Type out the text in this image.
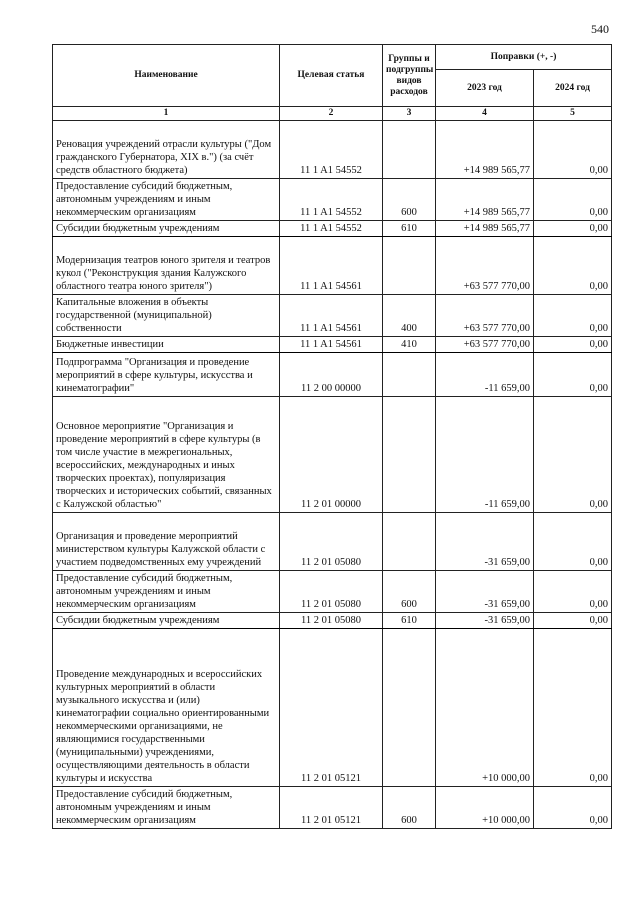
540
Наименование	Целевая статья	Группы и подгруппы видов расходов	Поправки (+, -)	
			2023 год	2024 год
1	2	3	4	5
Реновация учреждений отрасли культуры ("Дом гражданского Губернатора, XIX в.") (за счёт средств областного бюджета)	11 1 A1 54552		+14 989 565,77	0,00
Предоставление субсидий бюджетным, автономным учреждениям и иным некоммерческим организациям	11 1 A1 54552	600	+14 989 565,77	0,00
Субсидии бюджетным учреждениям	11 1 A1 54552	610	+14 989 565,77	0,00
Модернизация театров юного зрителя и театров кукол ("Реконструкция здания Калужского областного театра юного зрителя")	11 1 A1 54561		+63 577 770,00	0,00
Капитальные вложения в объекты государственной (муниципальной) собственности	11 1 A1 54561	400	+63 577 770,00	0,00
Бюджетные инвестиции	11 1 A1 54561	410	+63 577 770,00	0,00
Подпрограмма "Организация и проведение мероприятий в сфере культуры, искусства и кинематографии"	11 2 00 00000		-11 659,00	0,00
Основное мероприятие "Организация и проведение мероприятий в сфере культуры (в том числе участие в межрегиональных, всероссийских, международных и иных творческих проектах), популяризация творческих и исторических событий, связанных с Калужской областью"	11 2 01 00000		-11 659,00	0,00
Организация и проведение мероприятий министерством культуры Калужской области с участием подведомственных ему учреждений	11 2 01 05080		-31 659,00	0,00
Предоставление субсидий бюджетным, автономным учреждениям и иным некоммерческим организациям	11 2 01 05080	600	-31 659,00	0,00
Субсидии бюджетным учреждениям	11 2 01 05080	610	-31 659,00	0,00
Проведение международных и всероссийских культурных мероприятий в области музыкального искусства и (или) кинематографии социально ориентированными некоммерческими организациями, не являющимися государственными (муниципальными) учреждениями, осуществляющими деятельность в области культуры и искусства	11 2 01 05121		+10 000,00	0,00
Предоставление субсидий бюджетным, автономным учреждениям и иным некоммерческим организациям	11 2 01 05121	600	+10 000,00	0,00
